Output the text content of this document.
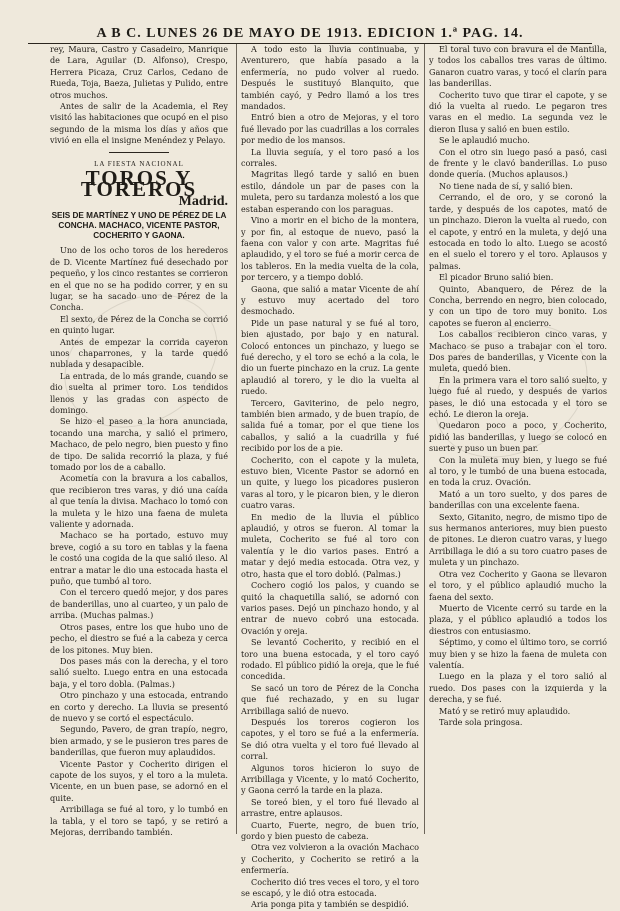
A B C. LUNES 26 DE MAYO DE 1913. EDICION 1.ª PAG. 14.

rey, Maura, Castro y Casadeiro, Manrique de Lara, Aguilar (D. Alfonso), Crespo, Herrera Picaza, Cruz Carlos, Cedano de Rueda, Toja, Baeza, Julietas y Pulido, entre otros muchos.

Antes de salir de la Academia, el Rey visitó las habitaciones que ocupó en el piso segundo de la misma los días y años que vivió en ella el insigne Menéndez y Pelayo.

LA FIESTA NACIONAL
TOROS Y TOREROS
Madrid.
SEIS DE MARTÍNEZ Y UNO DE PÉREZ DE LA CONCHA. MACHACO, VICENTE PASTOR, COCHERITO Y GAONA.

Uno de los ocho toros de los herederos de D. Vicente Martínez fué desechado por pequeño, y los cinco restantes se corrieron en el que no se ha podido correr, y en su lugar, se ha sacado uno de Pérez de la Concha.

El sexto, de Pérez de la Concha se corrió en quinto lugar.

Antes de empezar la corrida cayeron unos chaparrones, y la tarde quedó nublada y desapacible.

La entrada, de lo más grande, cuando se dio suelta al primer toro. Los tendidos llenos y las gradas con aspecto de domingo.

Se hizo el paseo a la hora anunciada, tocando una marcha, y salió el primero, Machaco, de pelo negro, bien puesto y fino de tipo. De salida recorrió la plaza, y fué tomado por los de a caballo.

Acometía con la bravura a los caballos, que recibieron tres varas, y dió una caída al que tenía la divisa. Machaco lo tomó con la muleta y le hizo una faena de muleta valiente y adornada.

Machaco se ha portado, estuvo muy breve, cogió a su toro en tablas y la faena le costó una cogida de la que salió ileso. Al entrar a matar le dio una estocada hasta el puño, que tumbó al toro.

Con el tercero quedó mejor, y dos pares de banderillas, uno al cuarteo, y un palo de arriba. (Muchas palmas.)

Otros pases, entre los que hubo uno de pecho, el diestro se fué a la cabeza y cerca de los pitones. Muy bien.

Dos pases más con la derecha, y el toro salió suelto. Luego entra en una estocada baja, y el toro dobla. (Palmas.)

Otro pinchazo y una estocada, entrando en corto y derecho. La lluvia se presentó de nuevo y se cortó el espectáculo.

Segundo, Pavero, de gran trapío, negro, bien armado, y se le pusieron tres pares de banderillas, que fueron muy aplaudidos.

Vicente Pastor y Cocherito dirigen el capote de los suyos, y el toro a la muleta. Vicente, en un buen pase, se adornó en el quite.

Arribillaga se fué al toro, y lo tumbó en la tabla, y el toro se tapó, y se retiró a Mejoras, derribando también.

A todo esto la lluvia continuaba, y Aventurero, que había pasado a la enfermería, no pudo volver al ruedo. Después le sustituyó Blanquito, que también cayó, y Pedro llamó a los tres mandados.

Entró bien a otro de Mejoras, y el toro fué llevado por las cuadrillas a los corrales por medio de los mansos.

La lluvia seguía, y el toro pasó a los corrales.

Magritas llegó tarde y salió en buen estilo, dándole un par de pases con la muleta, pero su tardanza molestó a los que estaban esperando con los paraguas.

Vino a morir en el bicho de la montera, y por fin, al estoque de nuevo, pasó la faena con valor y con arte. Magritas fué aplaudido, y el toro se fué a morir cerca de los tableros. En la media vuelta de la cola, por tercero, y a tiempo dobló.

Gaona, que salió a matar Vicente de ahí y estuvo muy acertado del toro desmochado.

Pide un pase natural y se fué al toro, bien ajustado, por bajo y en natural. Colocó entonces un pinchazo, y luego se fué derecho, y el toro se echó a la cola, le dio un fuerte pinchazo en la cruz. La gente aplaudió al torero, y le dio la vuelta al ruedo.

Tercero, Gaviterino, de pelo negro, también bien armado, y de buen trapío, de salida fué a tomar, por el que tiene los caballos, y salió a la cuadrilla y fué recibido por los de a pie.

Cocherito, con el capote y la muleta, estuvo bien, Vicente Pastor se adornó en un quite, y luego los picadores pusieron varas al toro, y le picaron bien, y le dieron cuatro varas.

En medio de la lluvia el público aplaudió, y otros se fueron. Al tomar la muleta, Cocherito se fué al toro con valentía y le dio varios pases. Entró a matar y dejó media estocada. Otra vez, y otro, hasta que el toro dobló. (Palmas.)

Cochero cogió los palos, y cuando se quitó la chaquetilla salió, se adornó con varios pases. Dejó un pinchazo hondo, y al entrar de nuevo cobró una estocada. Ovación y oreja.

Se levantó Cocherito, y recibió en el toro una buena estocada, y el toro cayó rodado. El público pidió la oreja, que le fué concedida.

Se sacó un toro de Pérez de la Concha que fué rechazado, y en su lugar Arribillaga salió de nuevo.

Después los toreros cogieron los capotes, y el toro se fué a la enfermería. Se dió otra vuelta y el toro fué llevado al corral.

Algunos toros hicieron lo suyo de Arribillaga y Vicente, y lo mató Cocherito, y Gaona cerró la tarde en la plaza.

Se toreó bien, y el toro fué llevado al arrastre, entre aplausos.

Cuarto, Fuerte, negro, de buen trío, gordo y bien puesto de cabeza.

Otra vez volvieron a la ovación Machaco y Cocherito, y Cocherito se retiró a la enfermería.

Cocherito dió tres veces el toro, y el toro se escapó, y le dió otra estocada.

Aria ponga pita y también se despidió.

El toral tuvo con bravura el de Mantilla, y todos los caballos tres varas de último. Ganaron cuatro varas, y tocó el clarín para las banderillas.

Cocherito tuvo que tirar el capote, y se dió la vuelta al ruedo. Le pegaron tres varas en el medio. La segunda vez le dieron Ilusa y salió en buen estilo.

Se le aplaudió mucho.

Con el otro sin luego pasó a pasó, casi de frente y le clavó banderillas. Lo puso donde quería. (Muchos aplausos.)

No tiene nada de sí, y salió bien.

Cerrando, el de oro, y se coronó la tarde, y después de los capotes, mató de un pinchazo. Dieron la vuelta al ruedo, con el capote, y entró en la muleta, y dejó una estocada en todo lo alto. Luego se acostó en el suelo el torero y el toro. Aplausos y palmas.

El picador Bruno salió bien.

Quinto, Abanquero, de Pérez de la Concha, berrendo en negro, bien colocado, y con un tipo de toro muy bonito. Los capotes se fueron al encierro.

Los caballos recibieron cinco varas, y Machaco se puso a trabajar con el toro. Dos pares de banderillas, y Vicente con la muleta, quedó bien.

En la primera vara el toro salió suelto, y luego fué al ruedo, y después de varios pases, le dió una estocada y el toro se echó. Le dieron la oreja.

Quedaron poco a poco, y Cocherito, pidió las banderillas, y luego se colocó en suerte y puso un buen par.

Con la muleta muy bien, y luego se fué al toro, y le tumbó de una buena estocada, en toda la cruz. Ovación.

Mató a un toro suelto, y dos pares de banderillas con una excelente faena.

Sexto, Gitanito, negro, de mismo tipo de sus hermanos anteriores, muy bien puesto de pitones. Le dieron cuatro varas, y luego Arribillaga le dió a su toro cuatro pases de muleta y un pinchazo.

Otra vez Cocherito y Gaona se llevaron el toro, y el público aplaudió mucho la faena del sexto.

Muerto de Vicente cerró su tarde en la plaza, y el público aplaudió a todos los diestros con entusiasmo.

Séptimo, y como el último toro, se corrió muy bien y se hizo la faena de muleta con valentía.

Luego en la plaza y el toro salió al ruedo. Dos pases con la izquierda y la derecha, y se fué.

Mató y se retiró muy aplaudido.

Tarde sola pringosa.
